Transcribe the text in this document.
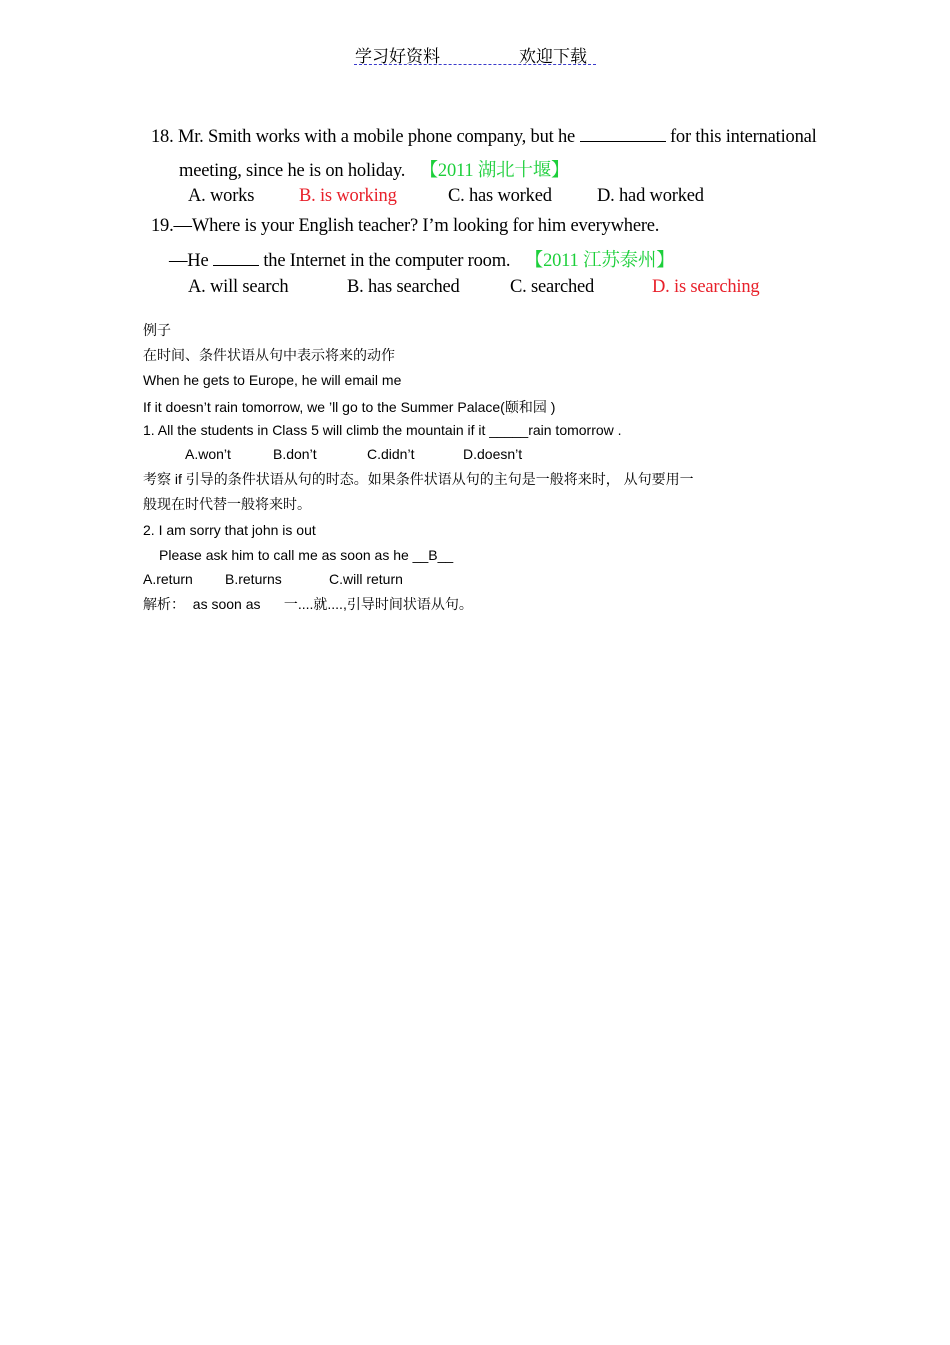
学习好资料	欢迎下载
18. Mr. Smith works with a mobile phone company, but he	for this international
meeting, since he is on holiday. 【2011 湖北十堰】
A. works B. is working	C. has worked D. had worked
19.—Where is your English teacher? I’m looking for him everywhere.
—He	the Internet in the computer room. 【2011 江苏泰州】
A. will search	B. has searched	C. searched	D. is searching
例子
在时间、条件状语从句中表示将来的动作
When he gets to Europe, he will email me
If it doesn’t rain tomorrow, we ’ll go to the Summer Palace(颐和园 )
1. All the students in Class 5 will climb the mountain if it _____rain tomorrow .
A.won’t	B.don’t	C.didn’t	D.doesn’t
考察 if 引导的条件状语从句的时态。如果条件状语从句的主句是一般将来时， 从句要用一
般现在时代替一般将来时。
2. I am sorry that john is out
Please ask him to call me as soon as he __B__
A.return B.returns	C.will return
解析：  as soon as      一....就....,引导时间状语从句。
